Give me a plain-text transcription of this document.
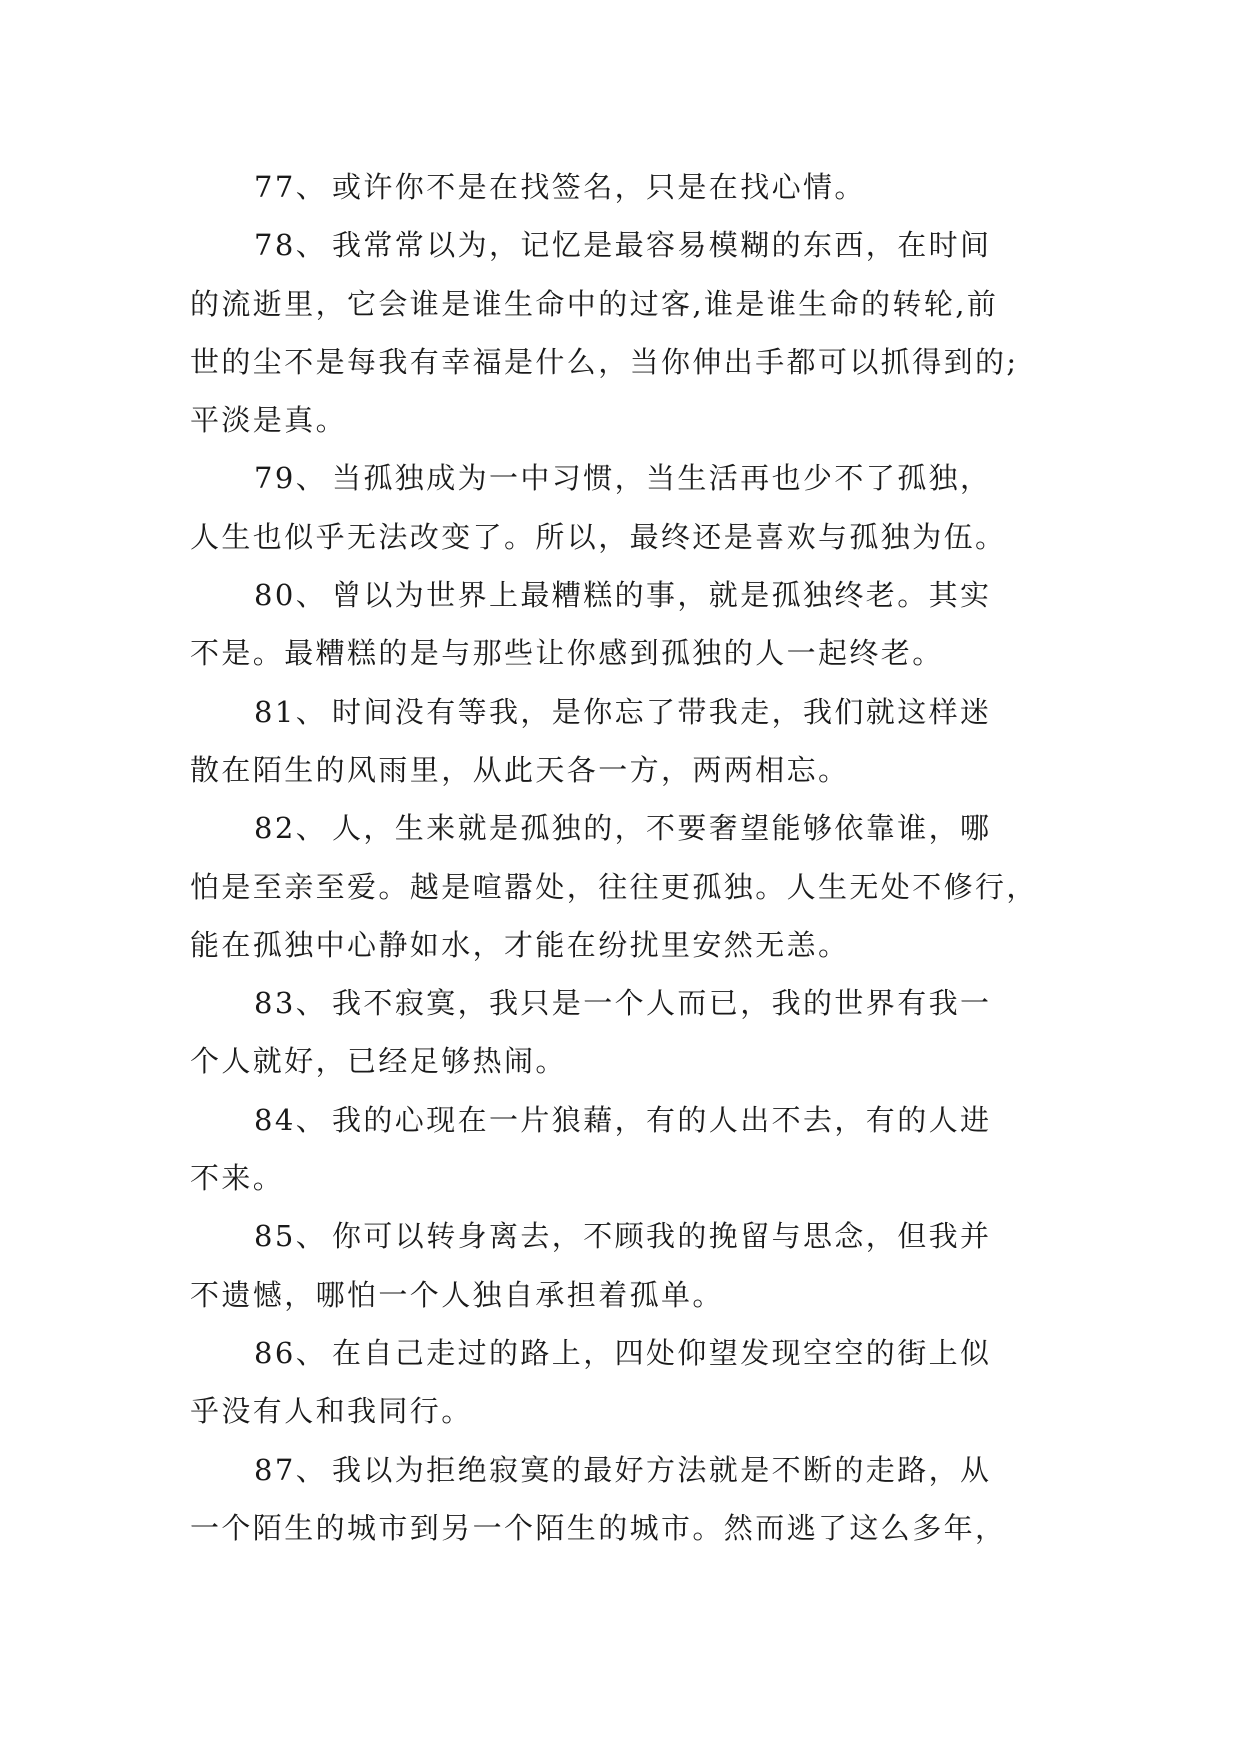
77、 或许你不是在找签名，只是在找心情。
78、 我常常以为，记忆是最容易模糊的东西，在时间
的流逝里，它会谁是谁生命中的过客,谁是谁生命的转轮,前
世的尘不是每我有幸福是什么，当你伸出手都可以抓得到的;
平淡是真。
79、 当孤独成为一中习惯，当生活再也少不了孤独，
人生也似乎无法改变了。所以，最终还是喜欢与孤独为伍。
80、 曾以为世界上最糟糕的事，就是孤独终老。其实
不是。最糟糕的是与那些让你感到孤独的人一起终老。
81、 时间没有等我，是你忘了带我走，我们就这样迷
散在陌生的风雨里，从此天各一方，两两相忘。
82、 人，生来就是孤独的，不要奢望能够依靠谁，哪
怕是至亲至爱。越是喧嚣处，往往更孤独。人生无处不修行，
能在孤独中心静如水，才能在纷扰里安然无恙。
83、 我不寂寞，我只是一个人而已，我的世界有我一
个人就好，已经足够热闹。
84、 我的心现在一片狼藉，有的人出不去，有的人进
不来。
85、 你可以转身离去，不顾我的挽留与思念，但我并
不遗憾，哪怕一个人独自承担着孤单。
86、 在自己走过的路上，四处仰望发现空空的街上似
乎没有人和我同行。
87、 我以为拒绝寂寞的最好方法就是不断的走路，从
一个陌生的城市到另一个陌生的城市。然而逃了这么多年，
